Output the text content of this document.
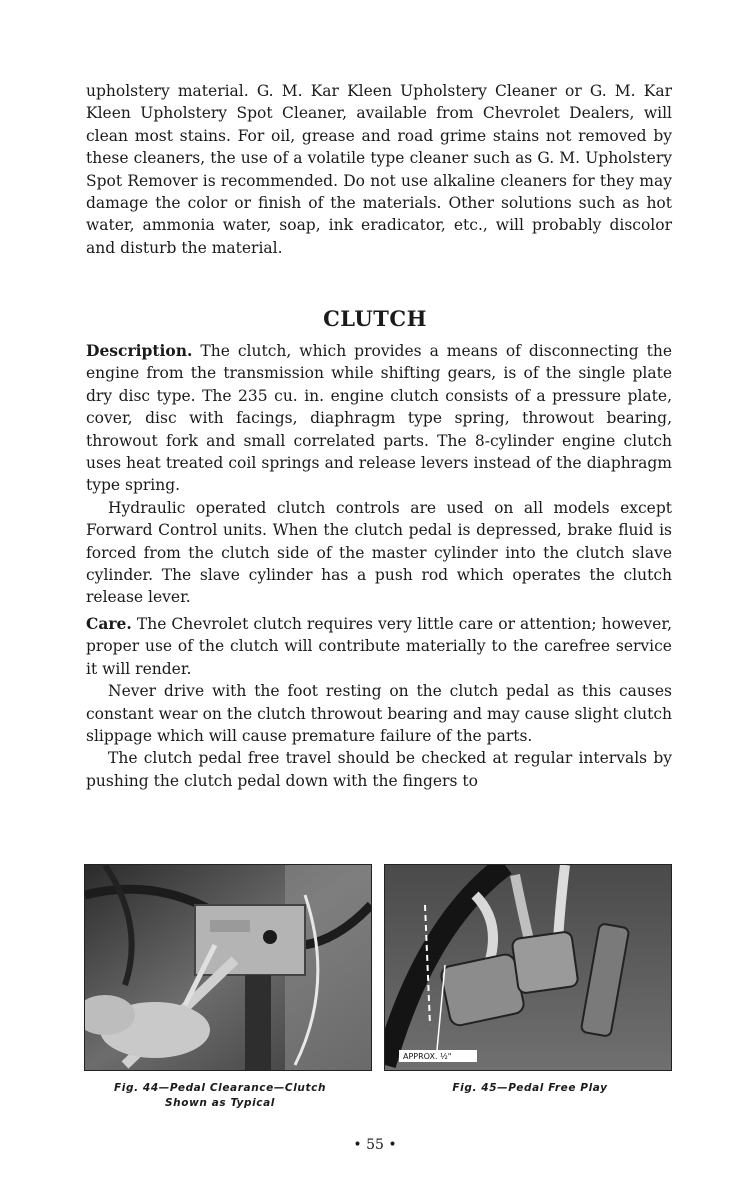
upholstery material. G. M. Kar Kleen Upholstery Cleaner or G. M. Kar Kleen Upholstery Spot Cleaner, available from Chevrolet Dealers, will clean most stains. For oil, grease and road grime stains not removed by these cleaners, the use of a volatile type cleaner such as G. M. Upholstery Spot Remover is recommended. Do not use alkaline cleaners for they may damage the color or finish of the materials. Other solutions such as hot water, ammonia water, soap, ink eradicator, etc., will probably discolor and disturb the material.

CLUTCH

Description. The clutch, which provides a means of disconnecting the engine from the transmission while shifting gears, is of the single plate dry disc type. The 235 cu. in. engine clutch consists of a pressure plate, cover, disc with facings, diaphragm type spring, throwout bearing, throwout fork and small correlated parts. The 8-cylinder engine clutch uses heat treated coil springs and release levers instead of the diaphragm type spring.

Hydraulic operated clutch controls are used on all models except Forward Control units. When the clutch pedal is depressed, brake fluid is forced from the clutch side of the master cylinder into the clutch slave cylinder. The slave cylinder has a push rod which operates the clutch release lever.

Care. The Chevrolet clutch requires very little care or attention; however, proper use of the clutch will contribute materially to the carefree service it will render.

Never drive with the foot resting on the clutch pedal as this causes constant wear on the clutch throwout bearing and may cause slight clutch slippage which will cause premature failure of the parts.

The clutch pedal free travel should be checked at regular intervals by pushing the clutch pedal down with the fingers to

APPROX. ½"
Fig. 44—Pedal Clearance—Clutch
Shown as Typical
Fig. 45—Pedal Free Play
• 55 •
